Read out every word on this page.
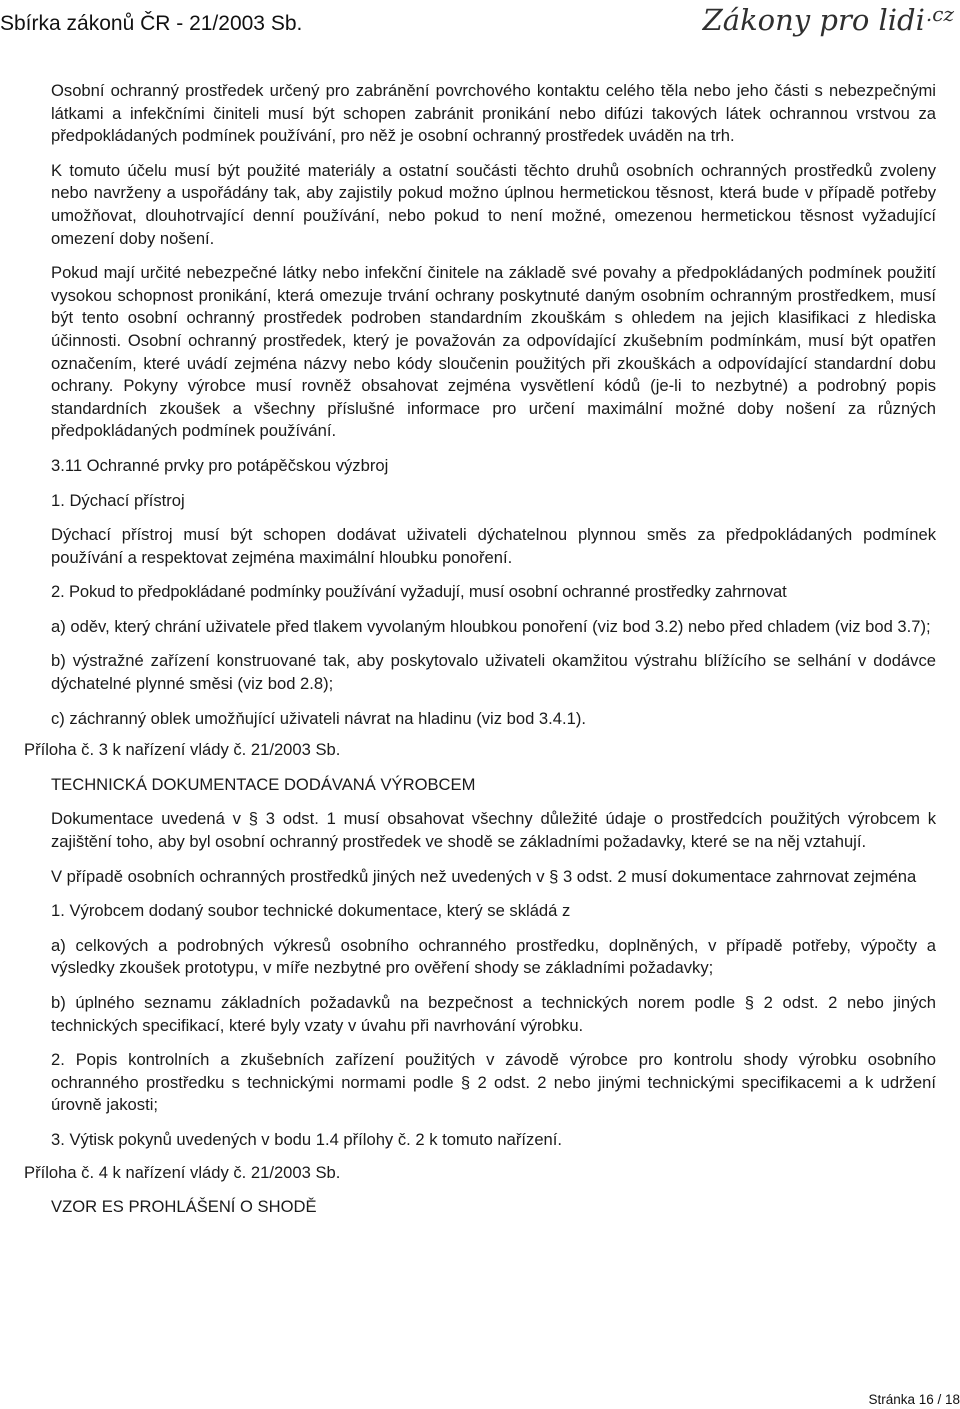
Sbírka zákonů ČR - 21/2003 Sb.	Zákony pro lidi$^{.cz}$

Osobní ochranný prostředek určený pro zabránění povrchového kontaktu celého těla nebo jeho části s nebezpečnými látkami a infekčními činiteli musí být schopen zabránit pronikání nebo difúzi takových látek ochrannou vrstvou za předpokládaných podmínek používání, pro něž je osobní ochranný prostředek uváděn na trh.

K tomuto účelu musí být použité materiály a ostatní součásti těchto druhů osobních ochranných prostředků zvoleny nebo navrženy a uspořádány tak, aby zajistily pokud možno úplnou hermetickou těsnost, která bude v případě potřeby umožňovat, dlouhotrvající denní používání, nebo pokud to není možné, omezenou hermetickou těsnost vyžadující omezení doby nošení.

Pokud mají určité nebezpečné látky nebo infekční činitele na základě své povahy a předpokládaných podmínek použití vysokou schopnost pronikání, která omezuje trvání ochrany poskytnuté daným osobním ochranným prostředkem, musí být tento osobní ochranný prostředek podroben standardním zkouškám s ohledem na jejich klasifikaci z hlediska účinnosti. Osobní ochranný prostředek, který je považován za odpovídající zkušebním podmínkám, musí být opatřen označením, které uvádí zejména názvy nebo kódy sloučenin použitých při zkouškách a odpovídající standardní dobu ochrany. Pokyny výrobce musí rovněž obsahovat zejména vysvětlení kódů (je-li to nezbytné) a podrobný popis standardních zkoušek a všechny příslušné informace pro určení maximální možné doby nošení za různých předpokládaných podmínek používání.

3.11 Ochranné prvky pro potápěčskou výzbroj

1. Dýchací přístroj

Dýchací přístroj musí být schopen dodávat uživateli dýchatelnou plynnou směs za předpokládaných podmínek používání a respektovat zejména maximální hloubku ponoření.

2. Pokud to předpokládané podmínky používání vyžadují, musí osobní ochranné prostředky zahrnovat

a) oděv, který chrání uživatele před tlakem vyvolaným hloubkou ponoření (viz bod 3.2) nebo před chladem (viz bod 3.7);

b) výstražné zařízení konstruované tak, aby poskytovalo uživateli okamžitou výstrahu blížícího se selhání v dodávce dýchatelné plynné směsi (viz bod 2.8);

c) záchranný oblek umožňující uživateli návrat na hladinu (viz bod 3.4.1).

Příloha č. 3 k nařízení vlády č. 21/2003 Sb.

TECHNICKÁ DOKUMENTACE DODÁVANÁ VÝROBCEM

Dokumentace uvedená v § 3 odst. 1 musí obsahovat všechny důležité údaje o prostředcích použitých výrobcem k zajištění toho, aby byl osobní ochranný prostředek ve shodě se základními požadavky, které se na něj vztahují.

V případě osobních ochranných prostředků jiných než uvedených v § 3 odst. 2 musí dokumentace zahrnovat zejména

1. Výrobcem dodaný soubor technické dokumentace, který se skládá z

a) celkových a podrobných výkresů osobního ochranného prostředku, doplněných, v případě potřeby, výpočty a výsledky zkoušek prototypu, v míře nezbytné pro ověření shody se základními požadavky;

b) úplného seznamu základních požadavků na bezpečnost a technických norem podle § 2 odst. 2 nebo jiných technických specifikací, které byly vzaty v úvahu při navrhování výrobku.

2. Popis kontrolních a zkušebních zařízení použitých v závodě výrobce pro kontrolu shody výrobku osobního ochranného prostředku s technickými normami podle § 2 odst. 2 nebo jinými technickými specifikacemi a k udržení úrovně jakosti;

3. Výtisk pokynů uvedených v bodu 1.4 přílohy č. 2 k tomuto nařízení.

Příloha č. 4 k nařízení vlády č. 21/2003 Sb.

VZOR ES PROHLÁŠENÍ O SHODĚ

Stránka 16 / 18
